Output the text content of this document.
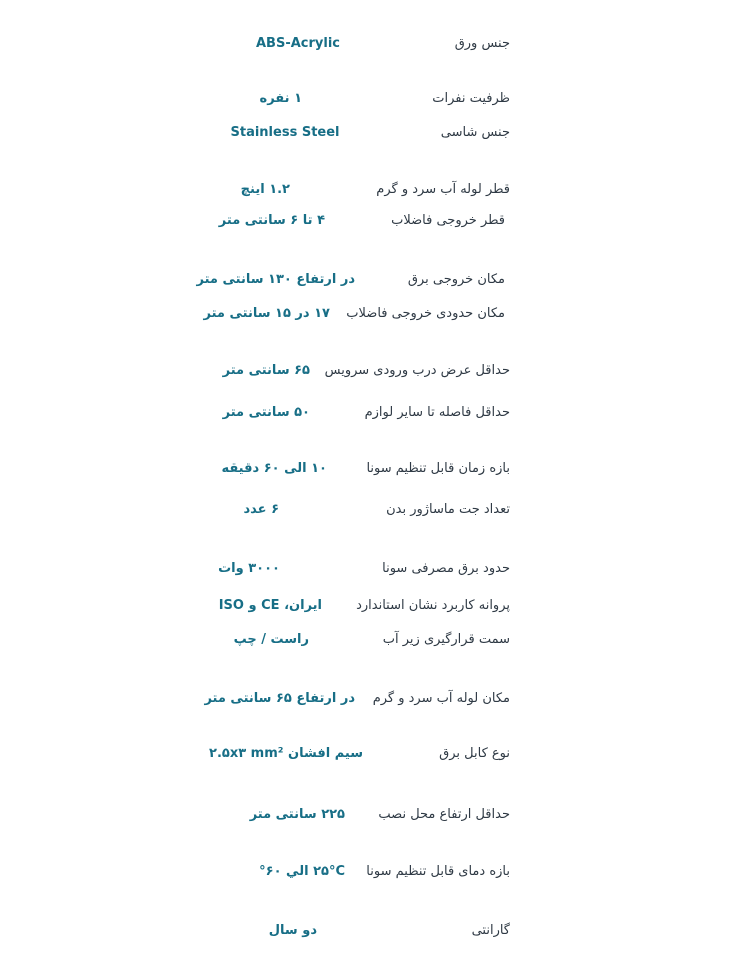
جنس ورق
ABS-Acrylic
ظرفیت نفرات
۱ نفره
جنس شاسی
Stainless Steel
قطر لوله آب سرد و گرم
۱.۲ اینچ
قطر خروجی فاضلاب
۴ تا ۶ سانتی متر
مکان خروجی برق
در ارتفاع ۱۳۰ سانتی متر
مکان حدودی خروجی فاضلاب
۱۷ در ۱۵ سانتی متر
حداقل عرض درب ورودی سرویس
۶۵ سانتی متر
حداقل فاصله تا سایر لوازم
۵۰ سانتی متر
بازه زمان قابل تنظیم سونا
۱۰ الی ۶۰ دقیقه
تعداد جت ماساژور بدن
۶ عدد
حدود برق مصرفی سونا
۳۰۰۰ وات
پروانه کاربرد نشان استاندارد
ایران، CE و ISO
سمت قرارگیری زیر آب
راست / چپ
مکان لوله آب سرد و گرم
در ارتفاع ۶۵ سانتی متر
نوع کابل برق
سیم افشان ۲.۵x۳ mm²
حداقل ارتفاع محل نصب
۲۲۵ سانتی متر
بازه دمای قابل تنظیم سونا
۲۵°C الي ۶۰°
گارانتی
دو سال
